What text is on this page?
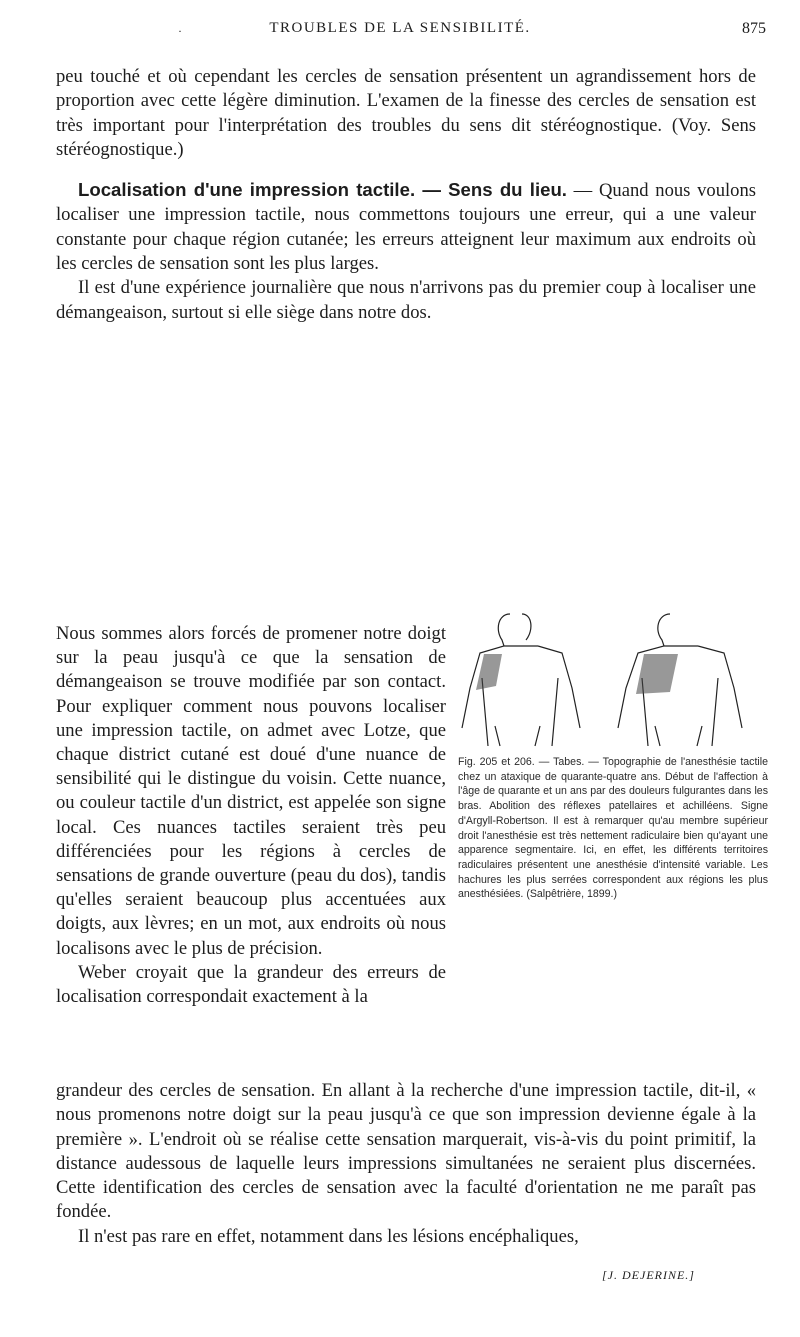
·	TROUBLES DE LA SENSIBILITÉ.	875

peu touché et où cependant les cercles de sensation présentent un agrandissement hors de proportion avec cette légère diminution. L'examen de la finesse des cercles de sensation est très important pour l'interprétation des troubles du sens dit stéréognostique. (Voy. Sens stéréognostique.)

Localisation d'une impression tactile. — Sens du lieu. — Quand nous voulons localiser une impression tactile, nous commettons toujours une erreur, qui a une valeur constante pour chaque région cutanée; les erreurs atteignent leur maximum aux endroits où les cercles de sensation sont les plus larges.

Il est d'une expérience journalière que nous n'arrivons pas du premier coup à localiser une démangeaison, surtout si elle siège dans notre dos.

Nous sommes alors forcés de promener notre doigt sur la peau jusqu'à ce que la sensation de démangeaison se trouve modifiée par son contact. Pour expliquer comment nous pouvons localiser une impression tactile, on admet avec Lotze, que chaque district cutané est doué d'une nuance de sensibilité qui le distingue du voisin. Cette nuance, ou couleur tactile d'un district, est appelée son signe local. Ces nuances tactiles seraient très peu différenciées pour les régions à cercles de sensations de grande ouverture (peau du dos), tandis qu'elles seraient beaucoup plus accentuées aux doigts, aux lèvres; en un mot, aux endroits où nous localisons avec le plus de précision.

Weber croyait que la grandeur des erreurs de localisation correspondait exactement à la

Fig. 205 et 206. — Tabes. — Topographie de l'anesthésie tactile chez un ataxique de quarante-quatre ans. Début de l'affection à l'âge de quarante et un ans par des douleurs fulgurantes dans les bras. Abolition des réflexes patellaires et achilléens. Signe d'Argyll-Robertson. Il est à remarquer qu'au membre supérieur droit l'anesthésie est très nettement radiculaire bien qu'ayant une apparence segmentaire. Ici, en effet, les différents territoires radiculaires présentent une anesthésie d'intensité variable. Les hachures les plus serrées correspondent aux régions les plus anesthésiées. (Salpêtrière, 1899.)

grandeur des cercles de sensation. En allant à la recherche d'une impression tactile, dit-il, « nous promenons notre doigt sur la peau jusqu'à ce que son impression devienne égale à la première ». L'endroit où se réalise cette sensation marquerait, vis-à-vis du point primitif, la distance audessous de laquelle leurs impressions simultanées ne seraient plus discernées. Cette identification des cercles de sensation avec la faculté d'orientation ne me paraît pas fondée.

Il n'est pas rare en effet, notamment dans les lésions encéphaliques,

[J. DEJERINE.]
